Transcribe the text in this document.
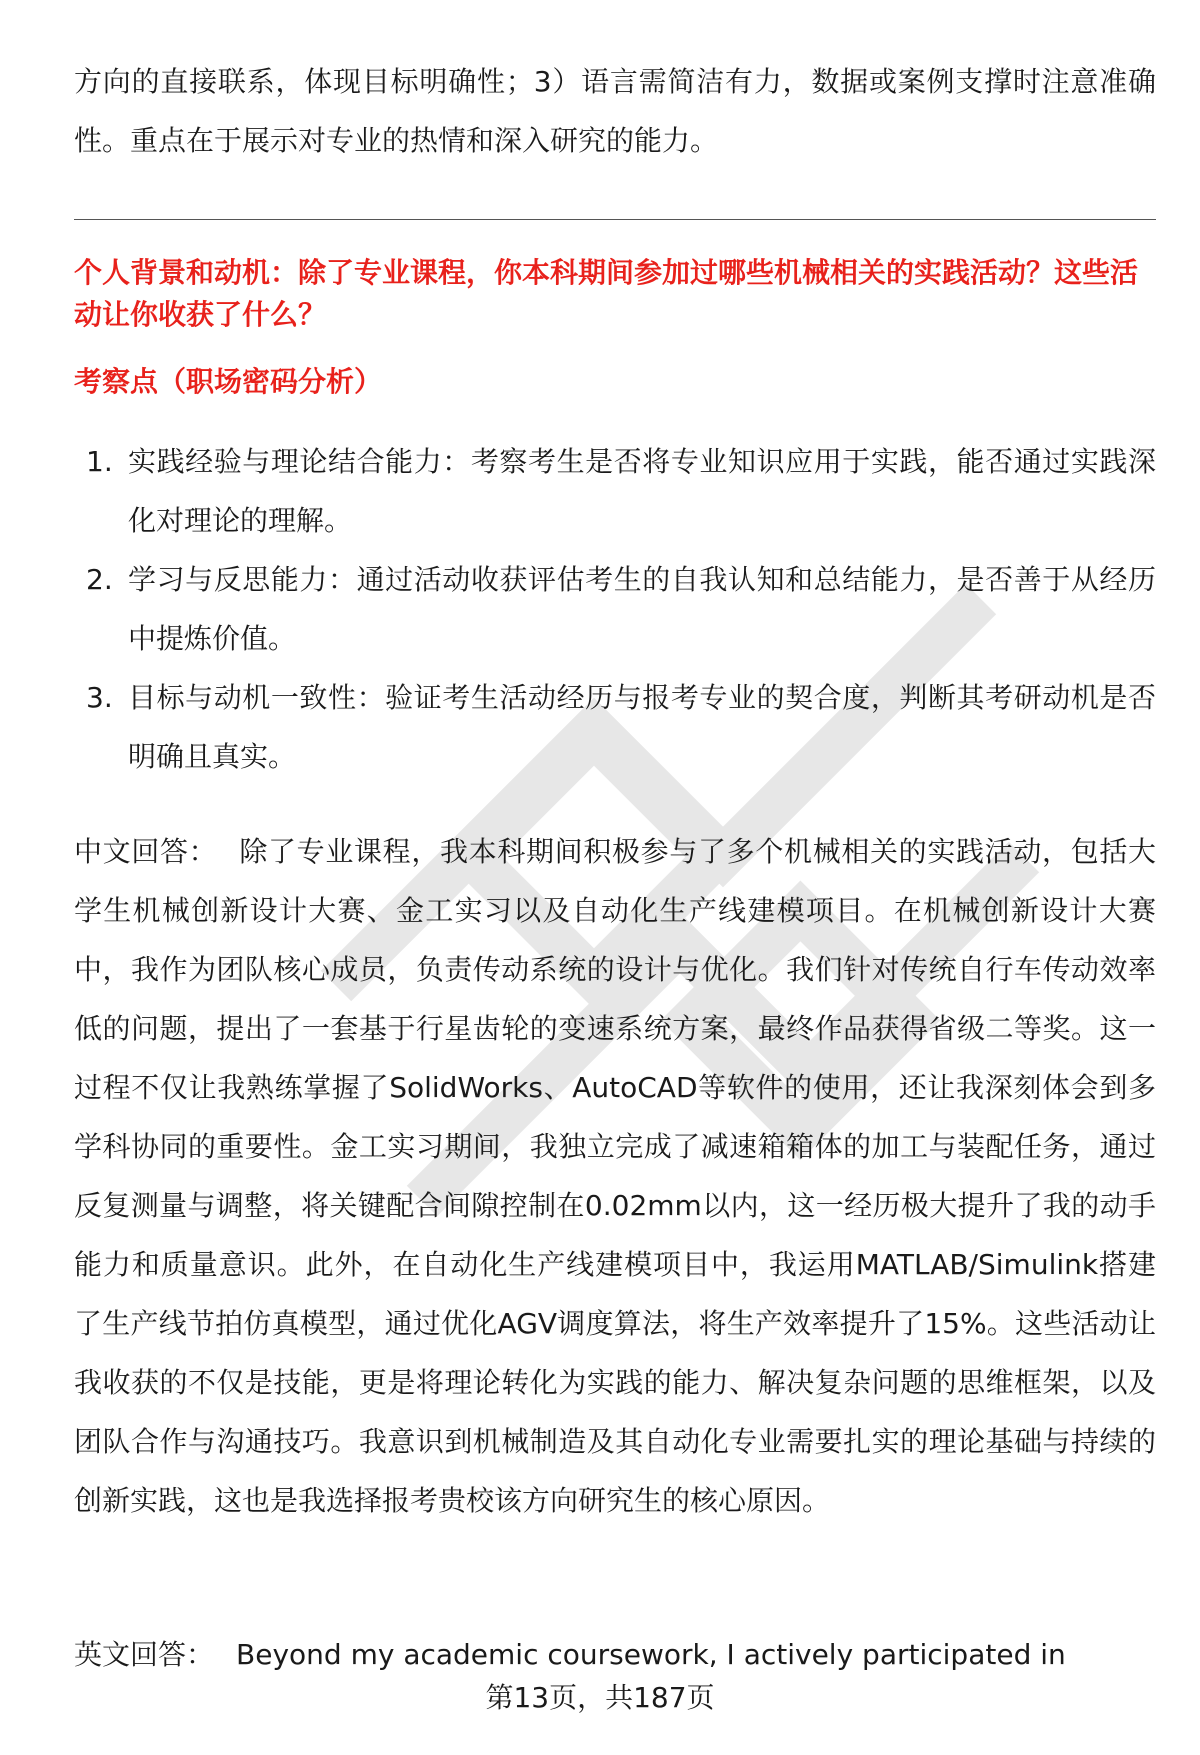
方向的直接联系，体现目标明确性；3）语言需简洁有力，数据或案例支撑时注意准确性。重点在于展示对专业的热情和深入研究的能力。

个人背景和动机：除了专业课程，你本科期间参加过哪些机械相关的实践活动？这些活动让你收获了什么？

考察点（职场密码分析）

1. 实践经验与理论结合能力：考察考生是否将专业知识应用于实践，能否通过实践深化对理论的理解。
2. 学习与反思能力：通过活动收获评估考生的自我认知和总结能力，是否善于从经历中提炼价值。
3. 目标与动机一致性：验证考生活动经历与报考专业的契合度，判断其考研动机是否明确且真实。

中文回答： 除了专业课程，我本科期间积极参与了多个机械相关的实践活动，包括大学生机械创新设计大赛、金工实习以及自动化生产线建模项目。在机械创新设计大赛中，我作为团队核心成员，负责传动系统的设计与优化。我们针对传统自行车传动效率低的问题，提出了一套基于行星齿轮的变速系统方案，最终作品获得省级二等奖。这一过程不仅让我熟练掌握了SolidWorks、AutoCAD等软件的使用，还让我深刻体会到多学科协同的重要性。金工实习期间，我独立完成了减速箱箱体的加工与装配任务，通过反复测量与调整，将关键配合间隙控制在0.02mm以内，这一经历极大提升了我的动手能力和质量意识。此外，在自动化生产线建模项目中，我运用MATLAB/Simulink搭建了生产线节拍仿真模型，通过优化AGV调度算法，将生产效率提升了15%。这些活动让我收获的不仅是技能，更是将理论转化为实践的能力、解决复杂问题的思维框架，以及团队合作与沟通技巧。我意识到机械制造及其自动化专业需要扎实的理论基础与持续的创新实践，这也是我选择报考贵校该方向研究生的核心原因。

英文回答： Beyond my academic coursework, I actively participated in

第13页，共187页
